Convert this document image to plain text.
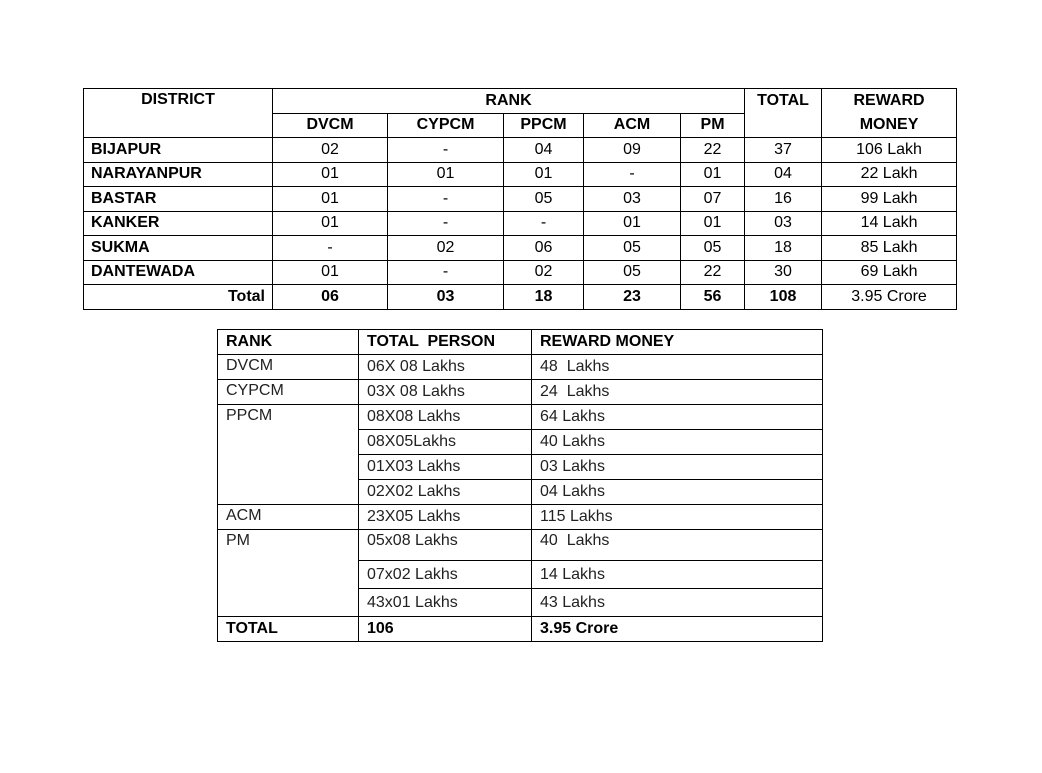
DISTRICT	RANK					TOTAL	REWARD
	DVCM	CYPCM	PPCM	ACM	PM		MONEY
BIJAPUR	02	-	04	09	22	37	106 Lakh
NARAYANPUR	01	01	01	-	01	04	22 Lakh
BASTAR	01	-	05	03	07	16	99 Lakh
KANKER	01	-	-	01	01	03	14 Lakh
SUKMA	-	02	06	05	05	18	85 Lakh
DANTEWADA	01	-	02	05	22	30	69 Lakh
Total	06	03	18	23	56	108	3.95 Crore
RANK	TOTAL  PERSON	REWARD MONEY
DVCM	06X 08 Lakhs	48  Lakhs
CYPCM	03X 08 Lakhs	24  Lakhs
PPCM	08X08 Lakhs	64 Lakhs
	08X05Lakhs	40 Lakhs
	01X03 Lakhs	03 Lakhs
	02X02 Lakhs	04 Lakhs
ACM	23X05 Lakhs	115 Lakhs
PM	05x08 Lakhs	40  Lakhs
	07x02 Lakhs	14 Lakhs
	43x01 Lakhs	43 Lakhs
TOTAL	106	3.95 Crore
